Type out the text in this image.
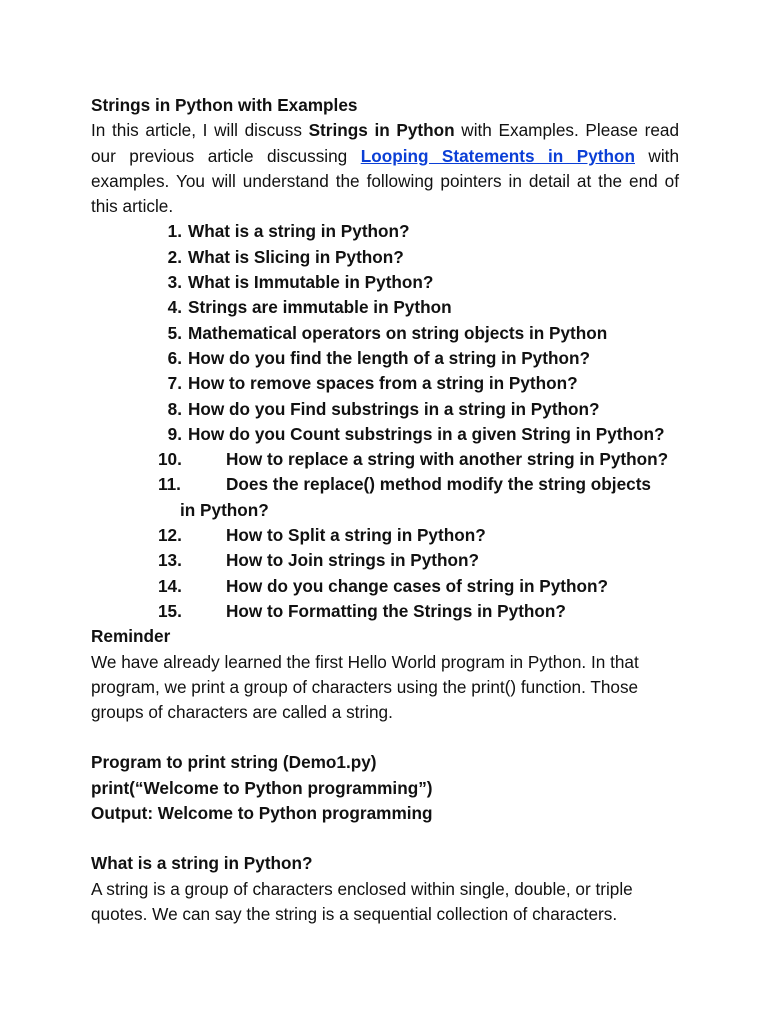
Strings in Python with Examples
In this article, I will discuss Strings in Python with Examples. Please read our previous article discussing Looping Statements in Python with examples. You will understand the following pointers in detail at the end of this article.
1. What is a string in Python?
2. What is Slicing in Python?
3. What is Immutable in Python?
4. Strings are immutable in Python
5. Mathematical operators on string objects in Python
6. How do you find the length of a string in Python?
7. How to remove spaces from a string in Python?
8. How do you Find substrings in a string in Python?
9. How do you Count substrings in a given String in Python?
10.	How to replace a string with another string in Python?
11.	Does the replace() method modify the string objects
in Python?
12.	How to Split a string in Python?
13.	How to Join strings in Python?
14.	How do you change cases of string in Python?
15.	How to Formatting the Strings in Python?
Reminder
We have already learned the first Hello World program in Python. In that program, we print a group of characters using the print() function. Those groups of characters are called a string.
Program to print string (Demo1.py)
print(“Welcome to Python programming”)
Output: Welcome to Python programming
What is a string in Python?
A string is a group of characters enclosed within single, double, or triple quotes. We can say the string is a sequential collection of characters.
